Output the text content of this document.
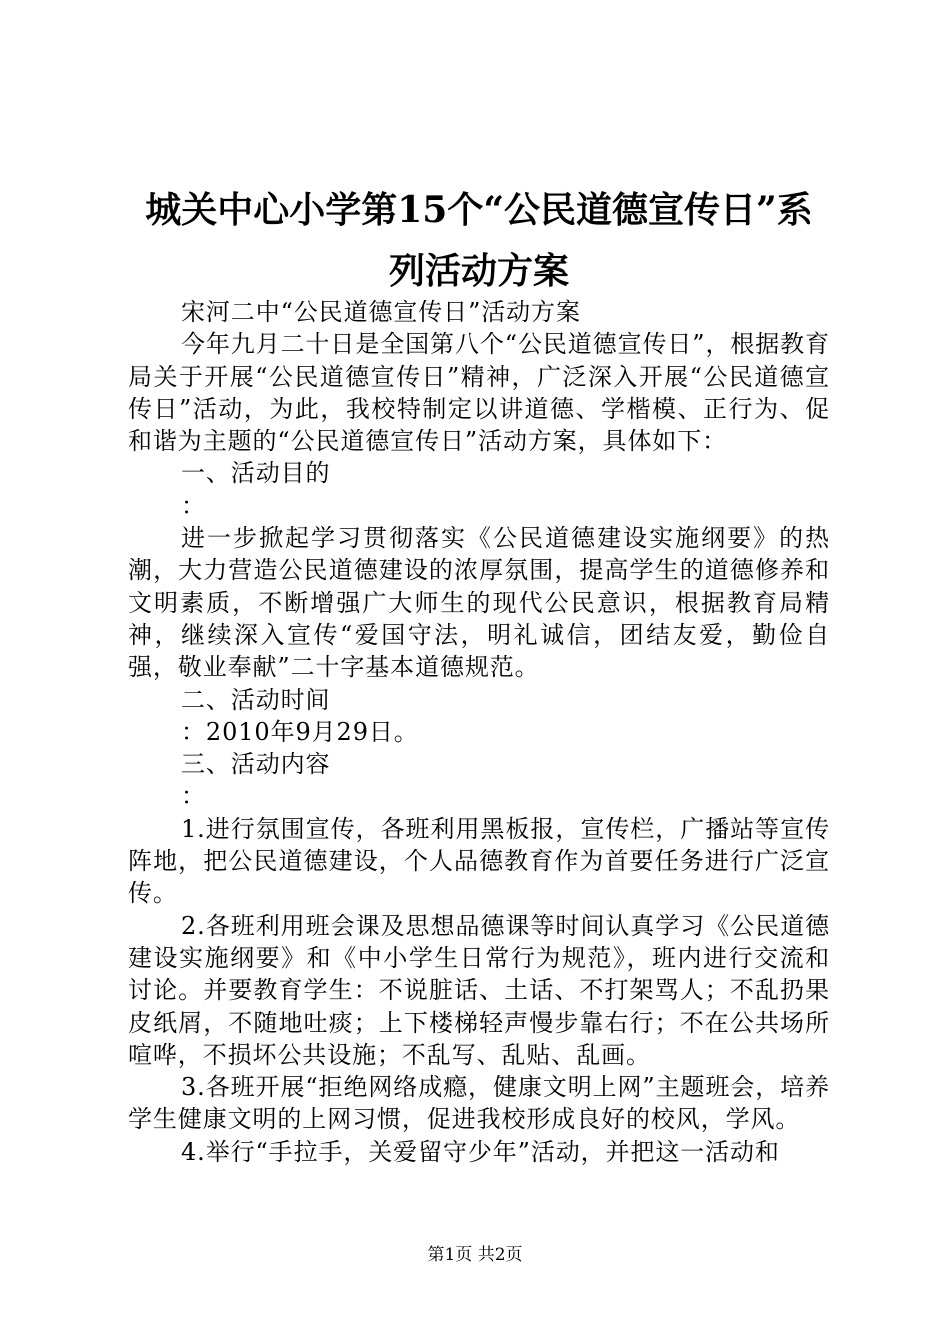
城关中心小学第15个“公民道德宣传日”系
列活动方案

宋河二中“公民道德宣传日”活动方案

今年九月二十日是全国第八个“公民道德宣传日”，根据教育局关于开展“公民道德宣传日”精神，广泛深入开展“公民道德宣传日”活动，为此，我校特制定以讲道德、学楷模、正行为、促和谐为主题的“公民道德宣传日”活动方案，具体如下：

一、活动目的

：

进一步掀起学习贯彻落实《公民道德建设实施纲要》的热潮，大力营造公民道德建设的浓厚氛围，提高学生的道德修养和文明素质，不断增强广大师生的现代公民意识，根据教育局精神，继续深入宣传“爱国守法，明礼诚信，团结友爱，勤俭自强，敬业奉献”二十字基本道德规范。

二、活动时间

：2010年9月29日。

三、活动内容

：

1.进行氛围宣传，各班利用黑板报，宣传栏，广播站等宣传阵地，把公民道德建设，个人品德教育作为首要任务进行广泛宣传。

2.各班利用班会课及思想品德课等时间认真学习《公民道德建设实施纲要》和《中小学生日常行为规范》，班内进行交流和讨论。并要教育学生：不说脏话、土话、不打架骂人；不乱扔果皮纸屑，不随地吐痰；上下楼梯轻声慢步靠右行；不在公共场所喧哗，不损坏公共设施；不乱写、乱贴、乱画。

3.各班开展“拒绝网络成瘾，健康文明上网”主题班会，培养学生健康文明的上网习惯，促进我校形成良好的校风，学风。

4.举行“手拉手，关爱留守少年”活动，并把这一活动和

第1页 共2页
